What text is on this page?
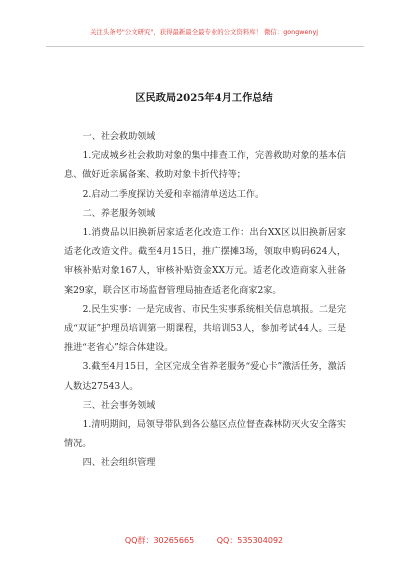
关注头条号"公文研究"，获得最新最全最专业的公文资料库！ 微信：gongwenyj
区民政局2025年4月工作总结

一、社会救助领域

1.完成城乡社会救助对象的集中排查工作，完善救助对象的基本信息、做好近亲属备案、救助对象卡折代持等；

2.启动二季度探访关爱和幸福清单送达工作。

二、养老服务领域

1.消费品以旧换新居家适老化改造工作：出台XX区以旧换新居家适老化改造文件。截至4月15日，推广摆摊3场，领取申购码624人，审核补贴对象167人，审核补贴资金XX万元。适老化改造商家入驻备案29家，联合区市场监督管理局抽查适老化商家2家。

2.民生实事：一是完成省、市民生实事系统相关信息填报。二是完成“双证”护理员培训第一期课程，共培训53人，参加考试44人。三是推进“老省心”综合体建设。

3.截至4月15日，全区完成全省养老服务“爱心卡”激活任务，激活人数达27543人。

三、社会事务领域

1.清明期间，局领导带队到各公墓区点位督查森林防灭火安全落实情况。

四、社会组织管理

QQ群：30265665	QQ：535304092
